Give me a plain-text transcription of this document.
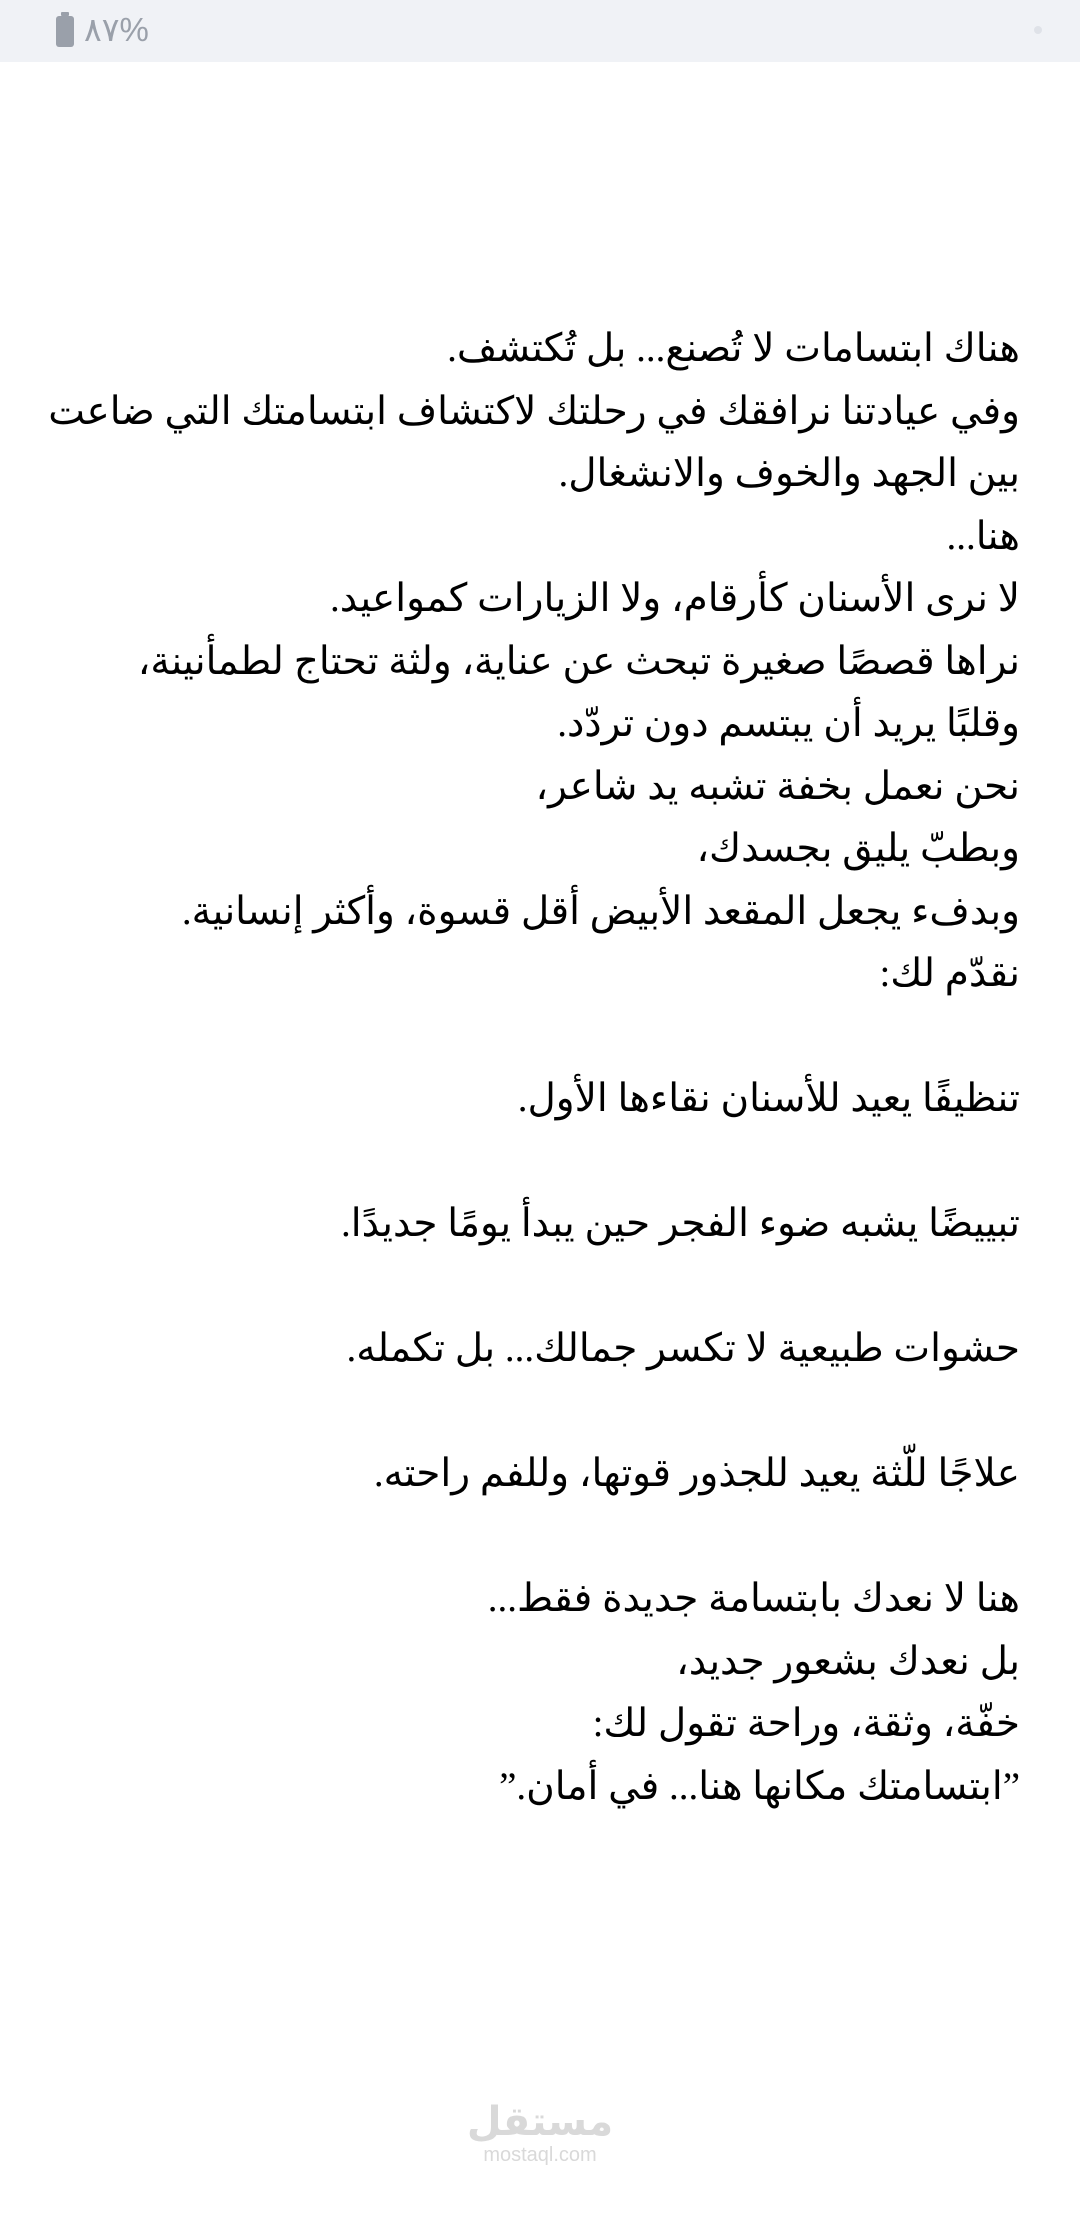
%٨٧
هناك ابتسامات لا تُصنع... بل تُكتشف.
وفي عيادتنا نرافقك في رحلتك لاكتشاف ابتسامتك التي ضاعت
بين الجهد والخوف والانشغال.
هنا...
لا نرى الأسنان كأرقام، ولا الزيارات كمواعيد.
نراها قصصًا صغيرة تبحث عن عناية، ولثة تحتاج لطمأنينة،
وقلبًا يريد أن يبتسم دون تردّد.
نحن نعمل بخفة تشبه يد شاعر،
وبطبّ يليق بجسدك،
وبدفء يجعل المقعد الأبيض أقل قسوة، وأكثر إنسانية.
نقدّم لك:
تنظيفًا يعيد للأسنان نقاءها الأول.
تبييضًا يشبه ضوء الفجر حين يبدأ يومًا جديدًا.
حشوات طبيعية لا تكسر جمالك... بل تكمله.
علاجًا للّثة يعيد للجذور قوتها، وللفم راحته.
هنا لا نعدك بابتسامة جديدة فقط...
بل نعدك بشعور جديد،
خفّة، وثقة، وراحة تقول لك:
”ابتسامتك مكانها هنا... في أمان.”
مستقل
mostaql.com
